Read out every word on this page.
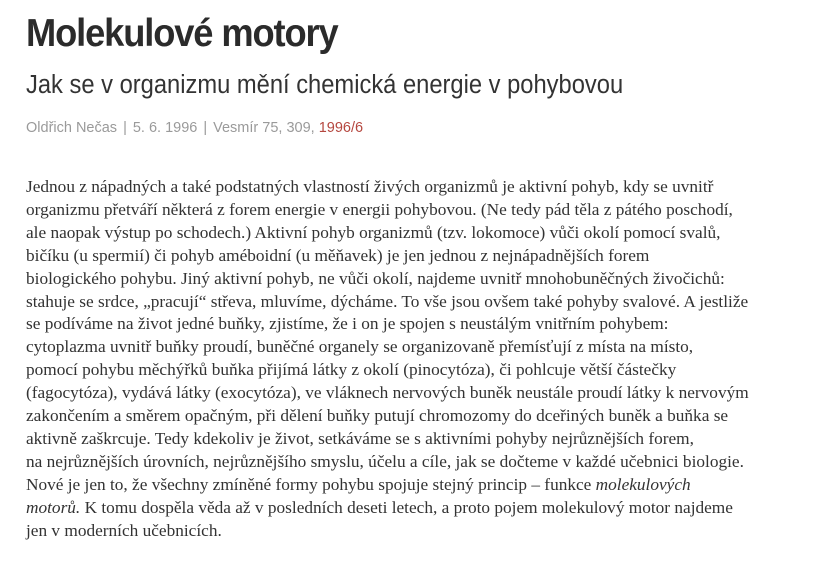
Molekulové motory
Jak se v organizmu mění chemická energie v pohybovou
Oldřich Nečas | 5. 6. 1996 | Vesmír 75, 309, 1996/6
Jednou z nápadných a také podstatných vlastností živých organizmů je aktivní pohyb, kdy se uvnitř
organizmu přetváří některá z forem energie v energii pohybovou. (Ne tedy pád těla z pátého poschodí,
ale naopak výstup po schodech.) Aktivní pohyb organizmů (tzv. lokomoce) vůči okolí pomocí svalů,
bičíku (u spermií) či pohyb améboidní (u měňavek) je jen jednou z nejnápadnějších forem
biologického pohybu. Jiný aktivní pohyb, ne vůči okolí, najdeme uvnitř mnohobuněčných živočichů:
stahuje se srdce, „pracují“ střeva, mluvíme, dýcháme. To vše jsou ovšem také pohyby svalové. A jestliže
se podíváme na život jedné buňky, zjistíme, že i on je spojen s neustálým vnitřním pohybem:
cytoplazma uvnitř buňky proudí, buněčné organely se organizovaně přemísťují z místa na místo,
pomocí pohybu měchýřků buňka přijímá látky z okolí (pinocytóza), či pohlcuje větší částečky
(fagocytóza), vydává látky (exocytóza), ve vláknech nervových buněk neustále proudí látky k nervovým
zakončením a směrem opačným, při dělení buňky putují chromozomy do dceřiných buněk a buňka se
aktivně zaškrcuje. Tedy kdekoliv je život, setkáváme se s aktivními pohyby nejrůznějších forem,
na nejrůznějších úrovních, nejrůznějšího smyslu, účelu a cíle, jak se dočteme v každé učebnici biologie.
Nové je jen to, že všechny zmíněné formy pohybu spojuje stejný princip – funkce molekulových
motorů. K tomu dospěla věda až v posledních deseti letech, a proto pojem molekulový motor najdeme
jen v moderních učebnicích.
